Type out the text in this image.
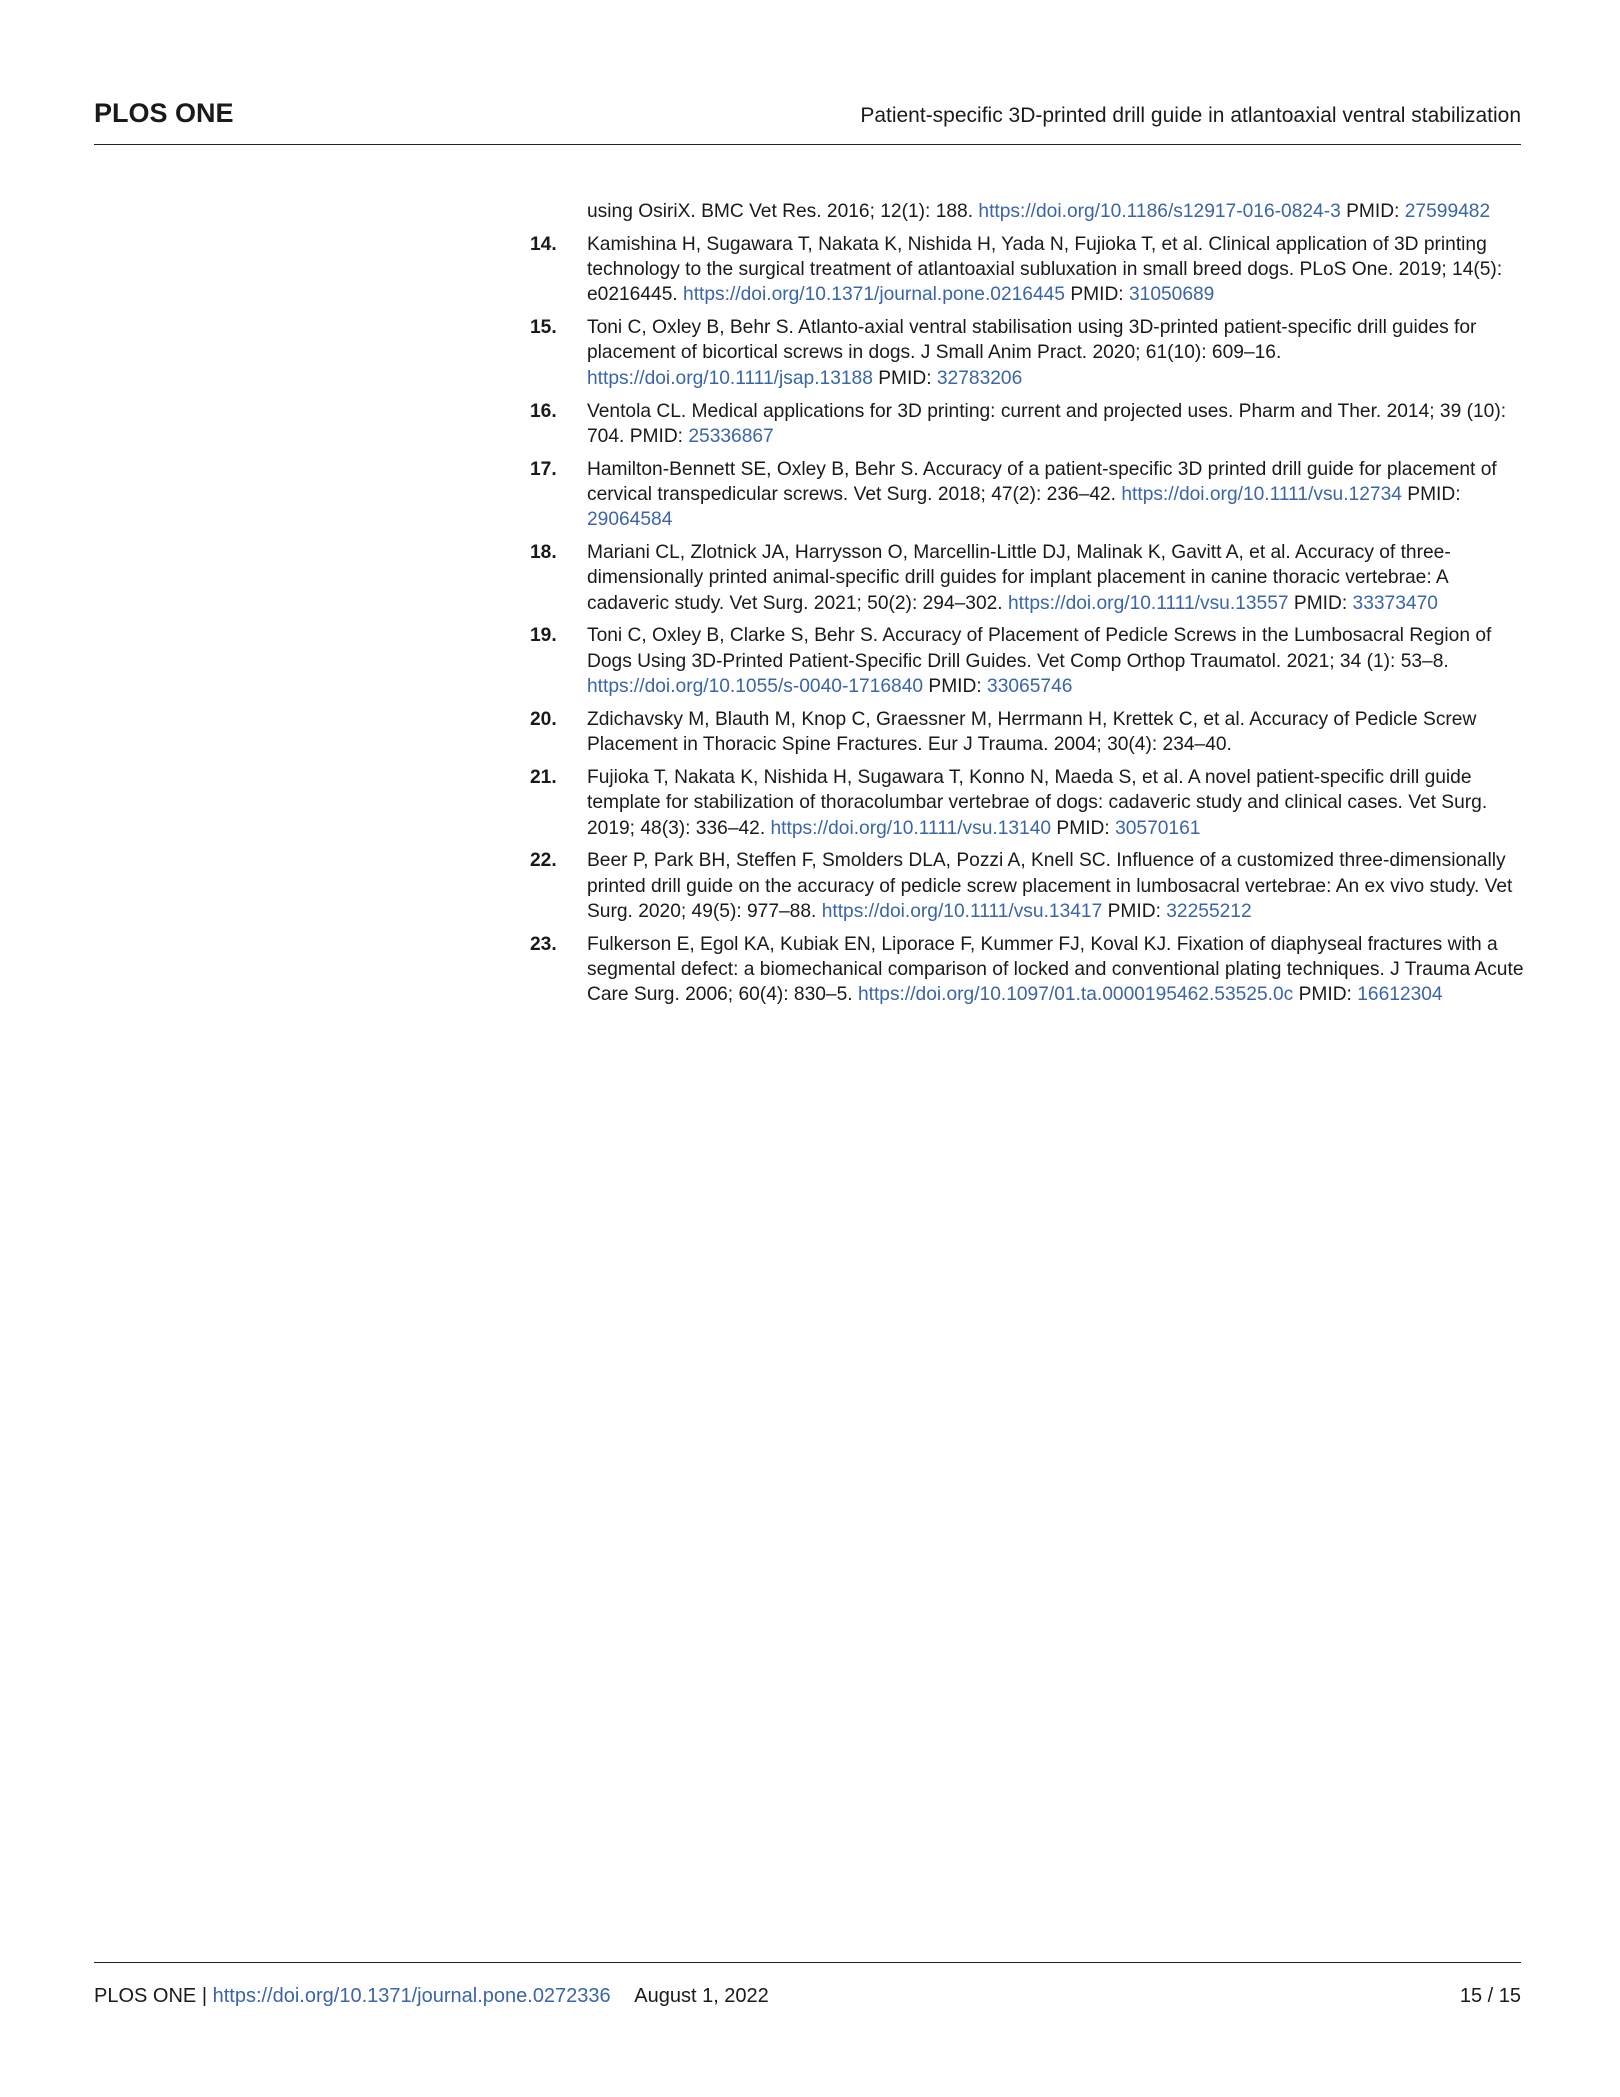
PLOS ONE	Patient-specific 3D-printed drill guide in atlantoaxial ventral stabilization
using OsiriX. BMC Vet Res. 2016; 12(1): 188. https://doi.org/10.1186/s12917-016-0824-3 PMID: 27599482
14.	Kamishina H, Sugawara T, Nakata K, Nishida H, Yada N, Fujioka T, et al. Clinical application of 3D printing technology to the surgical treatment of atlantoaxial subluxation in small breed dogs. PLoS One. 2019; 14(5): e0216445. https://doi.org/10.1371/journal.pone.0216445 PMID: 31050689
15.	Toni C, Oxley B, Behr S. Atlanto-axial ventral stabilisation using 3D-printed patient-specific drill guides for placement of bicortical screws in dogs. J Small Anim Pract. 2020; 61(10): 609–16. https://doi.org/10.1111/jsap.13188 PMID: 32783206
16.	Ventola CL. Medical applications for 3D printing: current and projected uses. Pharm and Ther. 2014; 39 (10): 704. PMID: 25336867
17.	Hamilton-Bennett SE, Oxley B, Behr S. Accuracy of a patient-specific 3D printed drill guide for placement of cervical transpedicular screws. Vet Surg. 2018; 47(2): 236–42. https://doi.org/10.1111/vsu.12734 PMID: 29064584
18.	Mariani CL, Zlotnick JA, Harrysson O, Marcellin-Little DJ, Malinak K, Gavitt A, et al. Accuracy of three-dimensionally printed animal-specific drill guides for implant placement in canine thoracic vertebrae: A cadaveric study. Vet Surg. 2021; 50(2): 294–302. https://doi.org/10.1111/vsu.13557 PMID: 33373470
19.	Toni C, Oxley B, Clarke S, Behr S. Accuracy of Placement of Pedicle Screws in the Lumbosacral Region of Dogs Using 3D-Printed Patient-Specific Drill Guides. Vet Comp Orthop Traumatol. 2021; 34 (1): 53–8. https://doi.org/10.1055/s-0040-1716840 PMID: 33065746
20.	Zdichavsky M, Blauth M, Knop C, Graessner M, Herrmann H, Krettek C, et al. Accuracy of Pedicle Screw Placement in Thoracic Spine Fractures. Eur J Trauma. 2004; 30(4): 234–40.
21.	Fujioka T, Nakata K, Nishida H, Sugawara T, Konno N, Maeda S, et al. A novel patient-specific drill guide template for stabilization of thoracolumbar vertebrae of dogs: cadaveric study and clinical cases. Vet Surg. 2019; 48(3): 336–42. https://doi.org/10.1111/vsu.13140 PMID: 30570161
22.	Beer P, Park BH, Steffen F, Smolders DLA, Pozzi A, Knell SC. Influence of a customized three-dimensionally printed drill guide on the accuracy of pedicle screw placement in lumbosacral vertebrae: An ex vivo study. Vet Surg. 2020; 49(5): 977–88. https://doi.org/10.1111/vsu.13417 PMID: 32255212
23.	Fulkerson E, Egol KA, Kubiak EN, Liporace F, Kummer FJ, Koval KJ. Fixation of diaphyseal fractures with a segmental defect: a biomechanical comparison of locked and conventional plating techniques. J Trauma Acute Care Surg. 2006; 60(4): 830–5. https://doi.org/10.1097/01.ta.0000195462.53525.0c PMID: 16612304
PLOS ONE | https://doi.org/10.1371/journal.pone.0272336 August 1, 2022	15 / 15
